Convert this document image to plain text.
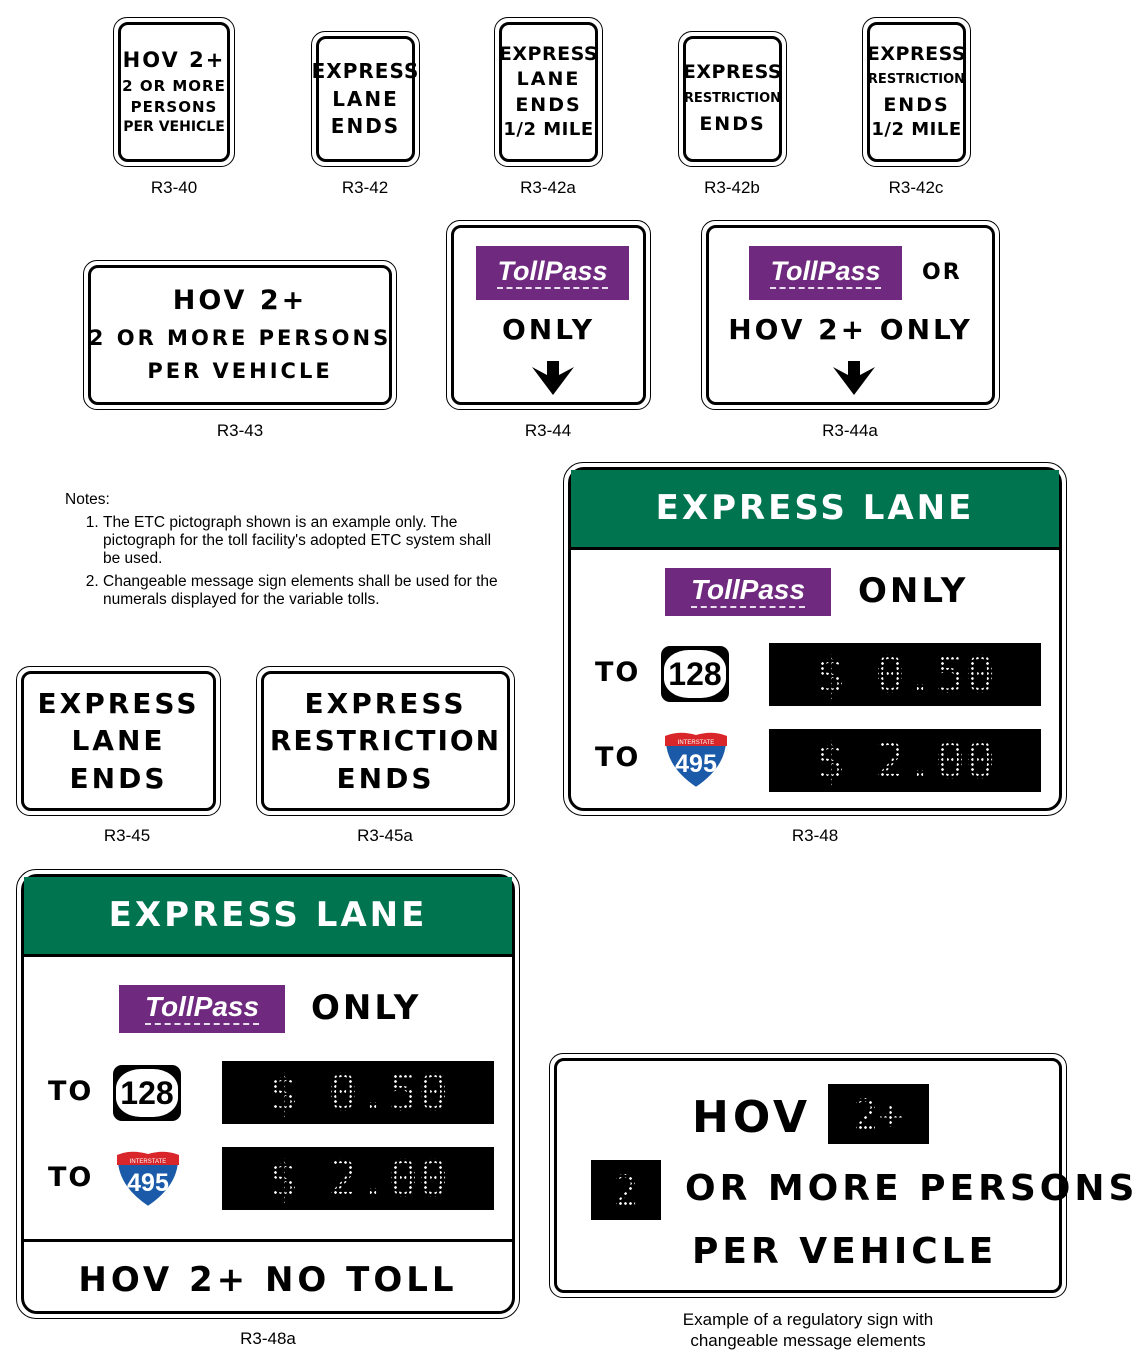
HOV 2+
2 OR MORE
PERSONS
PER VEHICLE
R3-40
EXPRESS
LANE
ENDS
R3-42
EXPRESS
LANE
ENDS
1/2 MILE
R3-42a
EXPRESS
RESTRICTION
ENDS
R3-42b
EXPRESS
RESTRICTION
ENDS
1/2 MILE
R3-42c
HOV 2+
2 OR MORE PERSONS
PER VEHICLE
R3-43
TollPass
ONLY
R3-44
TollPass OR
HOV 2+ ONLY
R3-44a
Notes:
1. The ETC pictograph shown is an example only. The pictograph for the toll facility's adopted ETC system shall be used.
2. Changeable message sign elements shall be used for the numerals displayed for the variable tolls.
EXPRESS
LANE
ENDS
R3-45
EXPRESS
RESTRICTION
ENDS
R3-45a
EXPRESS LANE
TollPass ONLY
TO 128 $ 0.50
TO	INTERSTATE
495 $ 2.00
R3-48
EXPRESS LANE
TollPass ONLY
TO 128 $ 0.50
TO	INTERSTATE
495 $ 2.00
HOV 2+ NO TOLL
R3-48a
HOV 2+
2 OR MORE PERSONS
PER VEHICLE
Example of a regulatory sign with
changeable message elements
